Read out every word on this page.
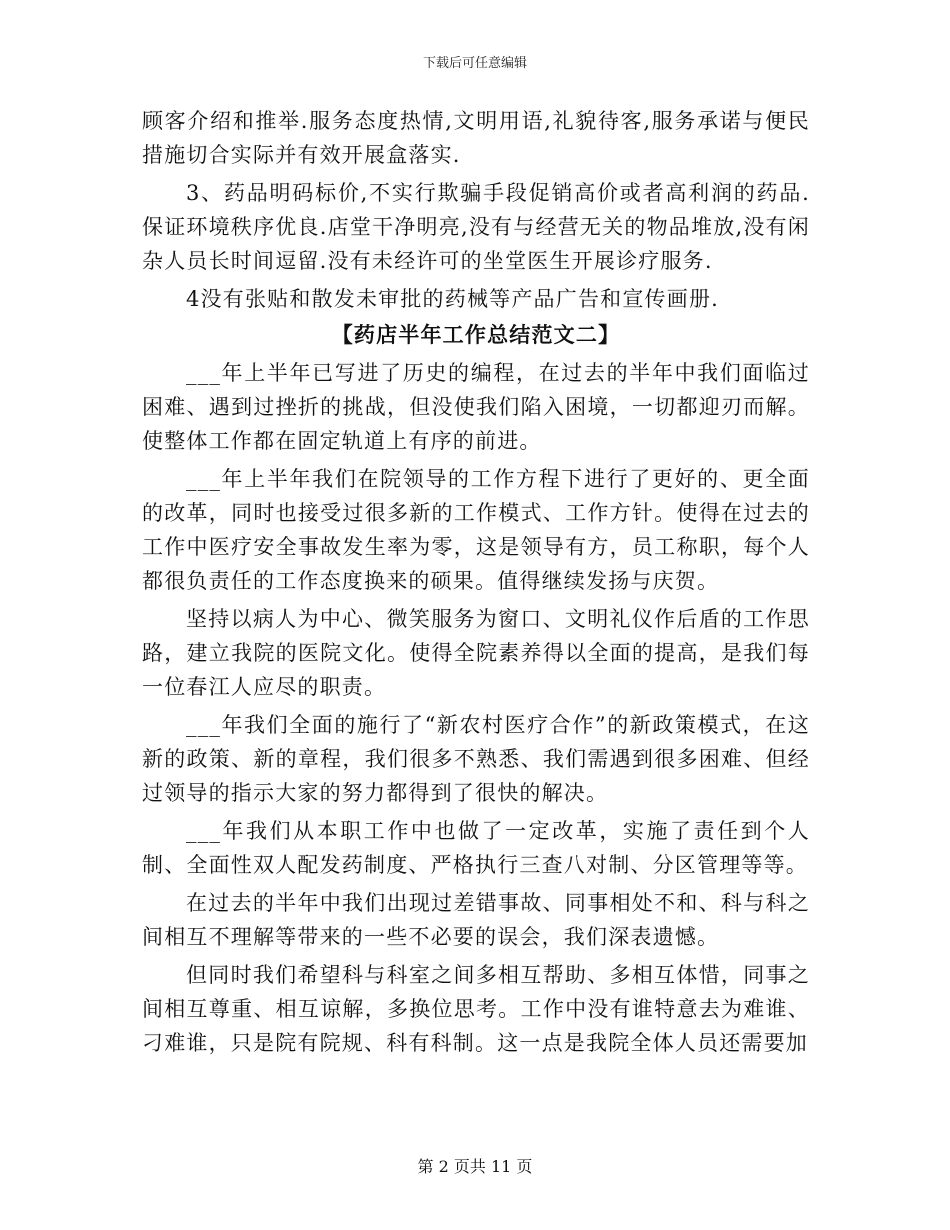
下载后可任意编辑

顾客介绍和推举.服务态度热情,文明用语,礼貌待客,服务承诺与便民措施切合实际并有效开展盒落实.

3、药品明码标价,不实行欺骗手段促销高价或者高利润的药品.保证环境秩序优良.店堂干净明亮,没有与经营无关的物品堆放,没有闲杂人员长时间逗留.没有未经许可的坐堂医生开展诊疗服务.

4没有张贴和散发未审批的药械等产品广告和宣传画册.

【药店半年工作总结范文二】

___年上半年已写进了历史的编程，在过去的半年中我们面临过困难、遇到过挫折的挑战，但没使我们陷入困境，一切都迎刃而解。使整体工作都在固定轨道上有序的前进。

___年上半年我们在院领导的工作方程下进行了更好的、更全面的改革，同时也接受过很多新的工作模式、工作方针。使得在过去的工作中医疗安全事故发生率为零，这是领导有方，员工称职，每个人都很负责任的工作态度换来的硕果。值得继续发扬与庆贺。

坚持以病人为中心、微笑服务为窗口、文明礼仪作后盾的工作思路，建立我院的医院文化。使得全院素养得以全面的提高，是我们每一位春江人应尽的职责。

___年我们全面的施行了“新农村医疗合作”的新政策模式，在这新的政策、新的章程，我们很多不熟悉、我们需遇到很多困难、但经过领导的指示大家的努力都得到了很快的解决。

___年我们从本职工作中也做了一定改革，实施了责任到个人制、全面性双人配发药制度、严格执行三查八对制、分区管理等等。

在过去的半年中我们出现过差错事故、同事相处不和、科与科之间相互不理解等带来的一些不必要的误会，我们深表遗憾。

但同时我们希望科与科室之间多相互帮助、多相互体惜，同事之间相互尊重、相互谅解，多换位思考。工作中没有谁特意去为难谁、刁难谁，只是院有院规、科有科制。这一点是我院全体人员还需要加

第 2 页共 11 页
